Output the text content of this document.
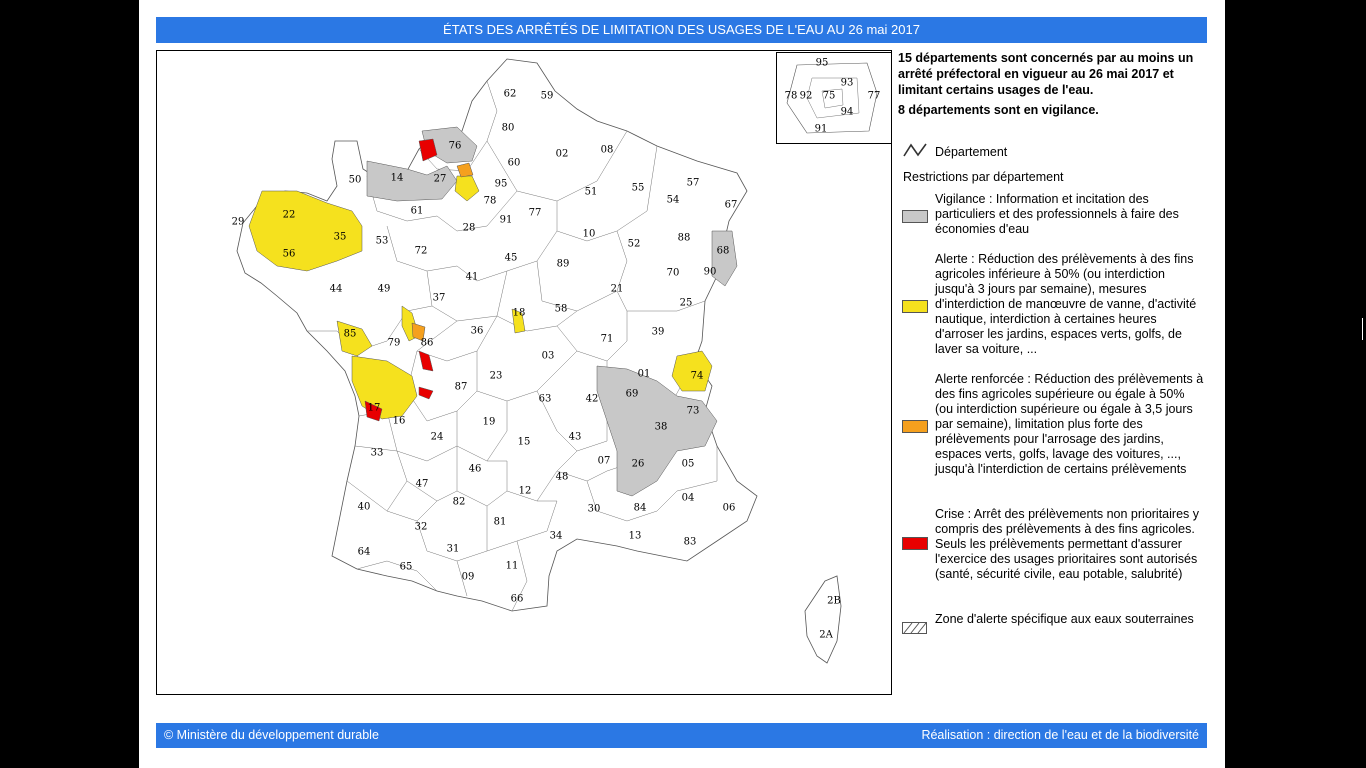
ÉTATS DES ARRÊTÉS DE LIMITATION DES USAGES DE L'EAU AU 26 mai 2017
95
93
78 92 75
94
77
91
62 59
80
76
60
02	08
50	14	27	95
78
91
77
51	55	57
54	67
29
22
35
56
53
61
72
28
45
10
52
88
68
44	49
41
89
21
70 90
25
85
79
37
18
36
58
71
39
86
17
87
23
03
01	74
73
16	19
63	42	69
38
24	15	43
33
46
07 26	05
47
82
12
48
30	84
04
06
40
32	81
34	13
83
64
65
31
09
11
66	2B
2A

15 départements sont concernés par au moins un arrêté préfectoral en vigueur au 26 mai 2017 et limitant certains usages de l'eau.

8 départements sont en vigilance.

Département
Restrictions par département
Vigilance : Information et incitation des particuliers et des professionnels à faire des économies d'eau
Alerte : Réduction des prélèvements à des fins agricoles inférieure à 50% (ou interdiction jusqu'à 3 jours par semaine), mesures d'interdiction de manœuvre de vanne, d'activité nautique, interdiction à certaines heures d'arroser les jardins, espaces verts, golfs, de laver sa voiture, ...
Alerte renforcée : Réduction des prélèvements à des fins agricoles supérieure ou égale à 50% (ou interdiction supérieure ou égale à 3,5 jours par semaine), limitation plus forte des prélèvements pour l'arrosage des jardins, espaces verts, golfs, lavage des voitures, ..., jusqu'à l'interdiction de certains prélèvements
Crise : Arrêt des prélèvements non prioritaires y compris des prélèvements à des fins agricoles. Seuls les prélèvements permettant d'assurer l'exercice des usages prioritaires sont autorisés (santé, sécurité civile, eau potable, salubrité)
Zone d'alerte spécifique aux eaux souterraines
© Ministère du développement durable	Réalisation : direction de l'eau et de la biodiversité
